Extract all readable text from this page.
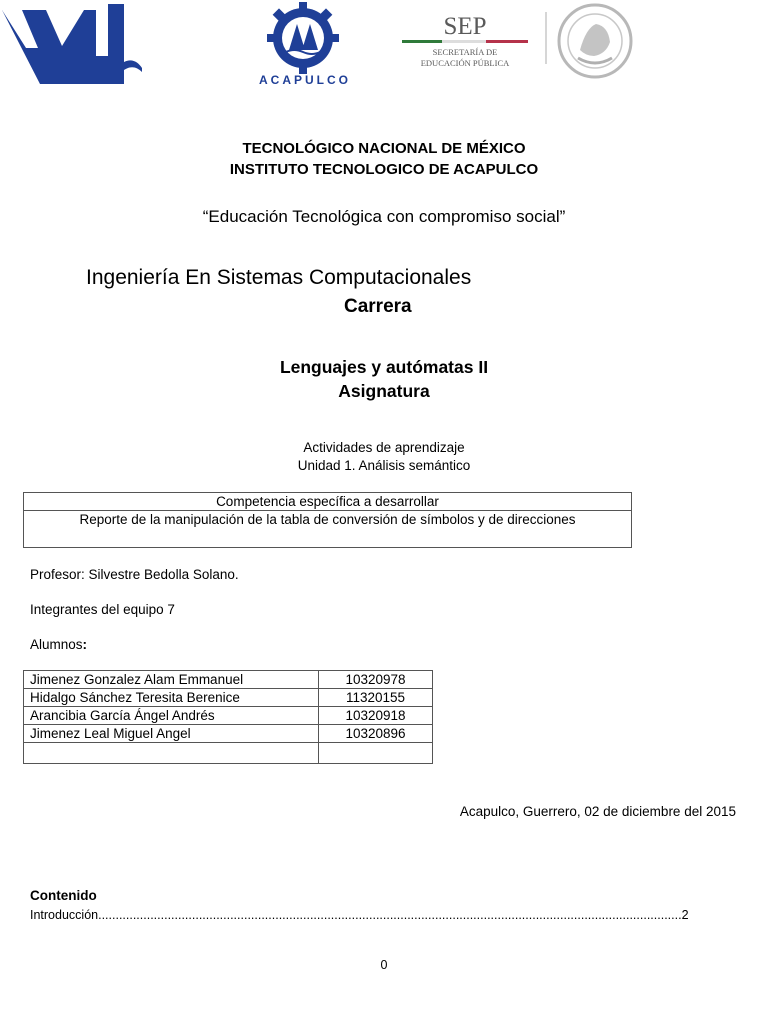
ACAPULCO
SEP
SECRETARÍA DE
EDUCACIÓN PÚBLICA
TECNOLÓGICO NACIONAL DE MÉXICO
INSTITUTO TECNOLOGICO DE ACAPULCO
“Educación Tecnológica con compromiso social”
Ingeniería En Sistemas Computacionales
Carrera
Lenguajes y autómatas II
Asignatura
Actividades de aprendizaje
Unidad 1. Análisis semántico
Competencia específica a desarrollar
Reporte de la manipulación de la tabla de conversión de símbolos y de direcciones
Profesor: Silvestre Bedolla Solano.
Integrantes del equipo 7
Alumnos:
Jimenez Gonzalez Alam Emmanuel	10320978
Hidalgo Sánchez Teresita Berenice	11320155
Arancibia García Ángel Andrés	10320918
Jimenez Leal Miguel Angel	10320896

Acapulco, Guerrero, 02 de diciembre del 2015
Contenido
Introducción ........................................................................................................................................................................ 2
0
